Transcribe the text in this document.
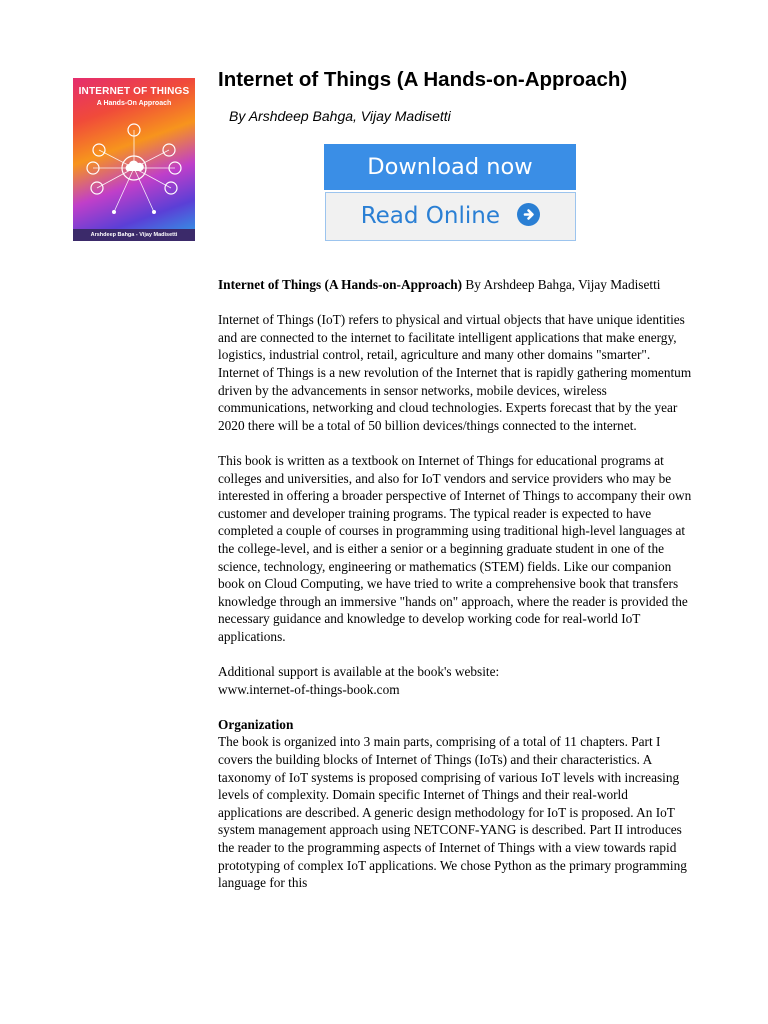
INTERNET OF THINGS
A Hands-On Approach
Arshdeep Bahga - Vijay Madisetti
Internet of Things (A Hands-on-Approach)
By Arshdeep Bahga, Vijay Madisetti
Download now
Read Online

Internet of Things (A Hands-on-Approach) By Arshdeep Bahga, Vijay Madisetti

Internet of Things (IoT) refers to physical and virtual objects that have unique identities and are connected to the internet to facilitate intelligent applications that make energy, logistics, industrial control, retail, agriculture and many other domains "smarter". Internet of Things is a new revolution of the Internet that is rapidly gathering momentum driven by the advancements in sensor networks, mobile devices, wireless communications, networking and cloud technologies. Experts forecast that by the year 2020 there will be a total of 50 billion devices/things connected to the internet.

This book is written as a textbook on Internet of Things for educational programs at colleges and universities, and also for IoT vendors and service providers who may be interested in offering a broader perspective of Internet of Things to accompany their own customer and developer training programs. The typical reader is expected to have completed a couple of courses in programming using traditional high-level languages at the college-level, and is either a senior or a beginning graduate student in one of the science, technology, engineering or mathematics (STEM) fields. Like our companion book on Cloud Computing, we have tried to write a comprehensive book that transfers knowledge through an immersive "hands on" approach, where the reader is provided the necessary guidance and knowledge to develop working code for real-world IoT applications.

Additional support is available at the book's website:
www.internet-of-things-book.com

Organization

The book is organized into 3 main parts, comprising of a total of 11 chapters. Part I covers the building blocks of Internet of Things (IoTs) and their characteristics. A taxonomy of IoT systems is proposed comprising of various IoT levels with increasing levels of complexity. Domain specific Internet of Things and their real-world applications are described. A generic design methodology for IoT is proposed. An IoT system management approach using NETCONF-YANG is described. Part II introduces the reader to the programming aspects of Internet of Things with a view towards rapid prototyping of complex IoT applications. We chose Python as the primary programming language for this
